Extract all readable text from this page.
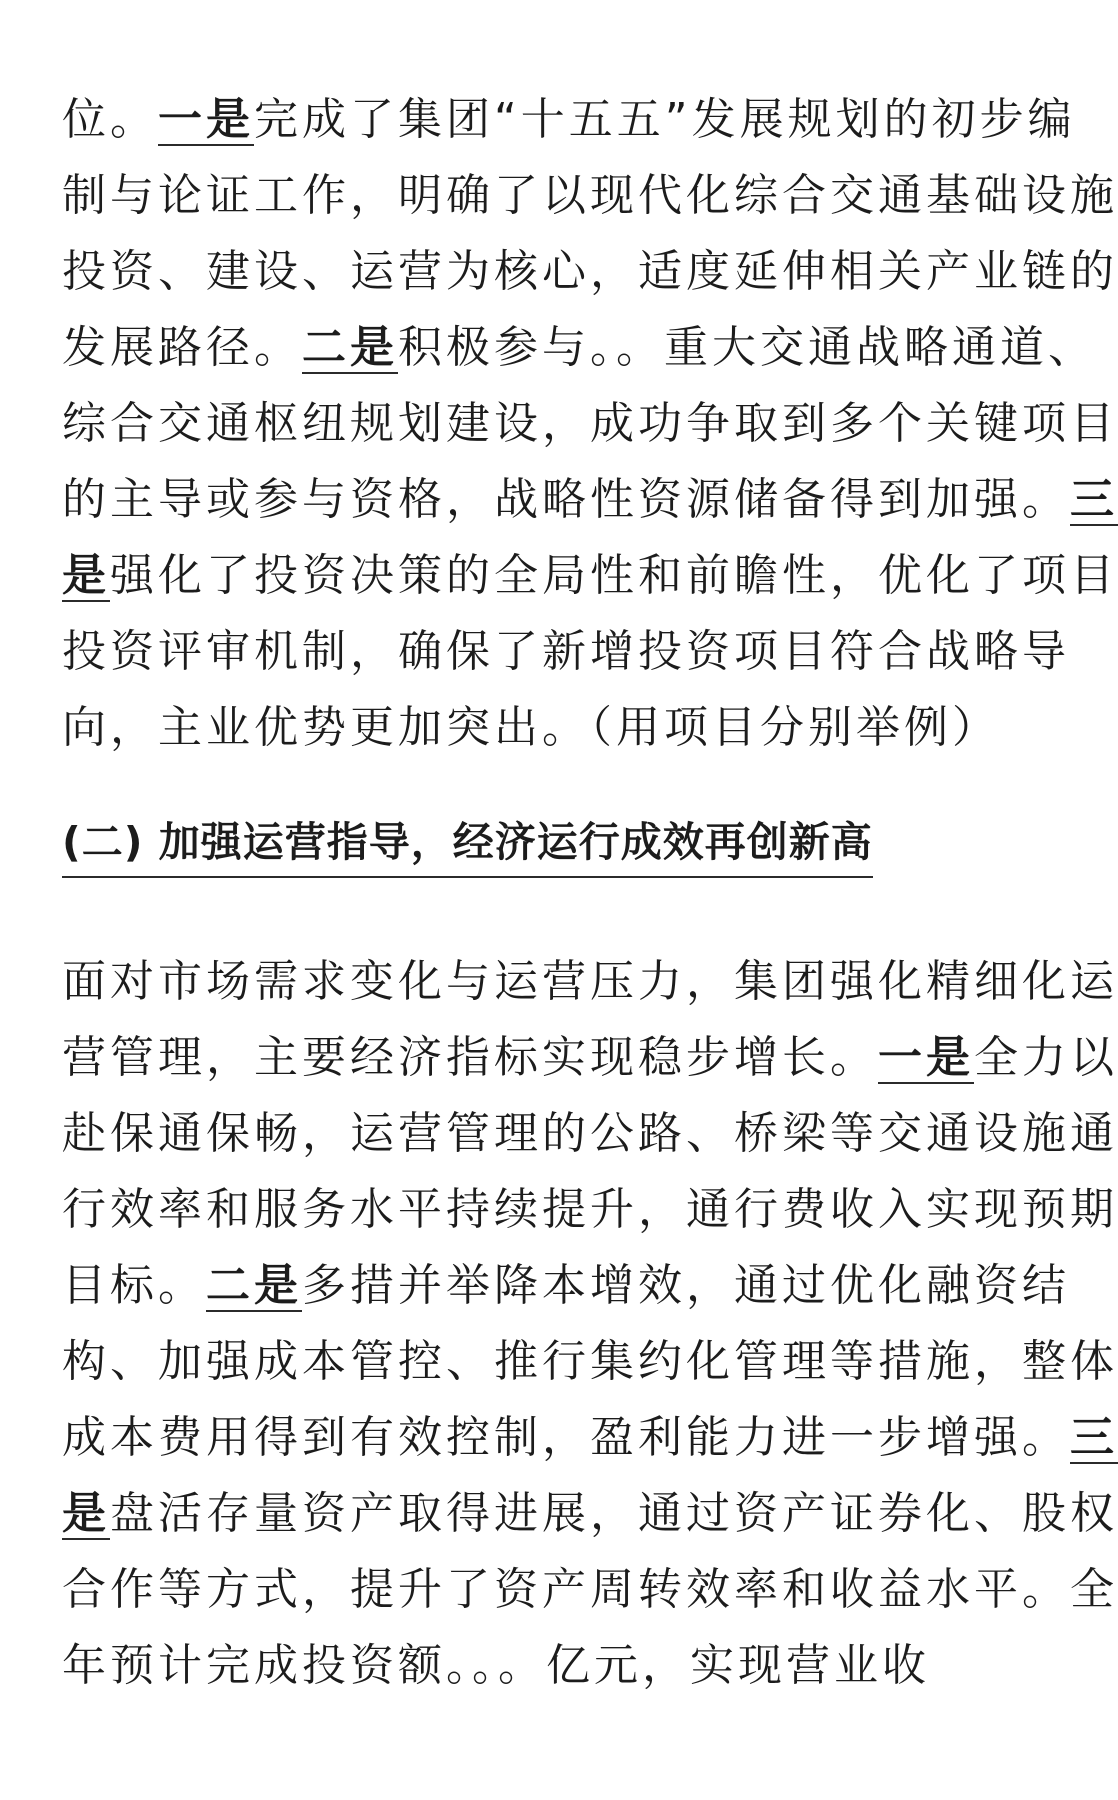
位。一是完成了集团“十五五”发展规划的初步编
制与论证工作，明确了以现代化综合交通基础设施
投资、建设、运营为核心，适度延伸相关产业链的
发展路径。二是积极参与。。重大交通战略通道、
综合交通枢纽规划建设，成功争取到多个关键项目
的主导或参与资格，战略性资源储备得到加强。三
是强化了投资决策的全局性和前瞻性，优化了项目
投资评审机制，确保了新增投资项目符合战略导
向，主业优势更加突出。（用项目分别举例）
(二) 加强运营指导，经济运行成效再创新高
面对市场需求变化与运营压力，集团强化精细化运
营管理，主要经济指标实现稳步增长。一是全力以
赴保通保畅，运营管理的公路、桥梁等交通设施通
行效率和服务水平持续提升，通行费收入实现预期
目标。二是多措并举降本增效，通过优化融资结
构、加强成本管控、推行集约化管理等措施，整体
成本费用得到有效控制，盈利能力进一步增强。三
是盘活存量资产取得进展，通过资产证券化、股权
合作等方式，提升了资产周转效率和收益水平。全
年预计完成投资额。。。亿元，实现营业收
